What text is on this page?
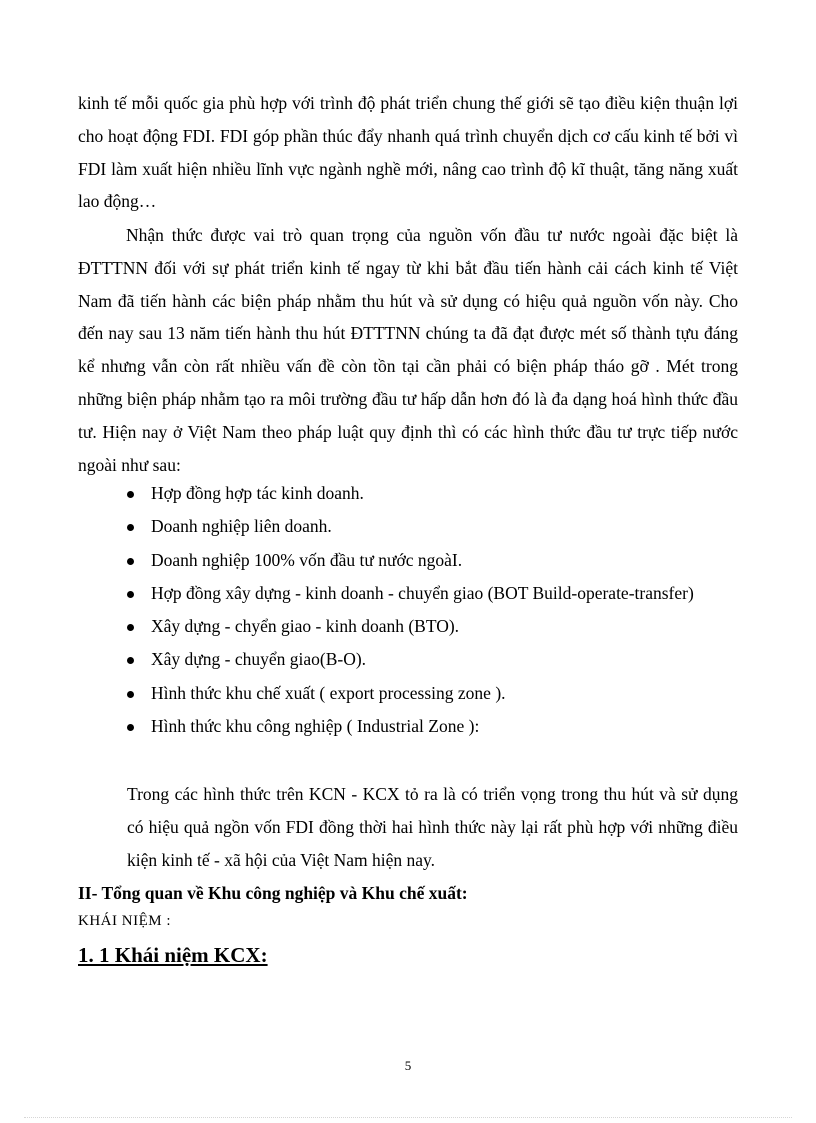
kinh tế mỗi quốc gia phù hợp với trình độ phát triển chung thế giới sẽ tạo điều kiện thuận lợi cho hoạt động FDI. FDI góp phần thúc đẩy nhanh quá trình chuyển dịch cơ cấu kinh tế bởi vì FDI làm xuất hiện nhiều lĩnh vực ngành nghề mới, nâng cao trình độ kĩ thuật, tăng năng xuất lao động…

Nhận thức được vai trò quan trọng của nguồn vốn đầu tư nước ngoài đặc biệt là ĐTTTNN đối với sự phát triển kinh tế ngay từ khi bắt đầu tiến hành cải cách kinh tế Việt Nam đã tiến hành các biện pháp nhằm thu hút và sử dụng có hiệu quả nguồn vốn này. Cho đến nay sau 13 năm tiến hành thu hút ĐTTTNN chúng ta đã đạt được mét số thành tựu đáng kể nhưng vẫn còn rất nhiều vấn đề còn tồn tại cần phải có biện pháp tháo gỡ . Mét trong những biện pháp nhằm tạo ra môi trường đầu tư hấp dẫn hơn đó là đa dạng hoá hình thức đầu tư. Hiện nay ở Việt Nam theo pháp luật quy định thì có các hình thức đầu tư trực tiếp nước ngoài như sau:

Hợp đồng hợp tác kinh doanh.
Doanh nghiệp liên doanh.
Doanh nghiệp 100% vốn đầu tư nước ngoàI.
Hợp đồng xây dựng - kinh doanh - chuyển giao (BOT Build-operate-transfer)
Xây dựng - chyển giao - kinh doanh (BTO).
Xây dựng - chuyển giao(B-O).
Hình thức khu chế xuất ( export processing zone ).
Hình thức khu công nghiệp ( Industrial Zone ):

Trong các hình thức trên KCN - KCX tỏ ra là có triển vọng trong thu hút và sử dụng có hiệu quả ngồn vốn FDI đồng thời hai hình thức này lại rất phù hợp với những điều kiện kinh tế - xã hội của Việt Nam hiện nay.

II- Tổng quan về Khu công nghiệp và Khu chế xuất:
KHÁI NIỆM :
1. 1 Khái niệm KCX:
5
